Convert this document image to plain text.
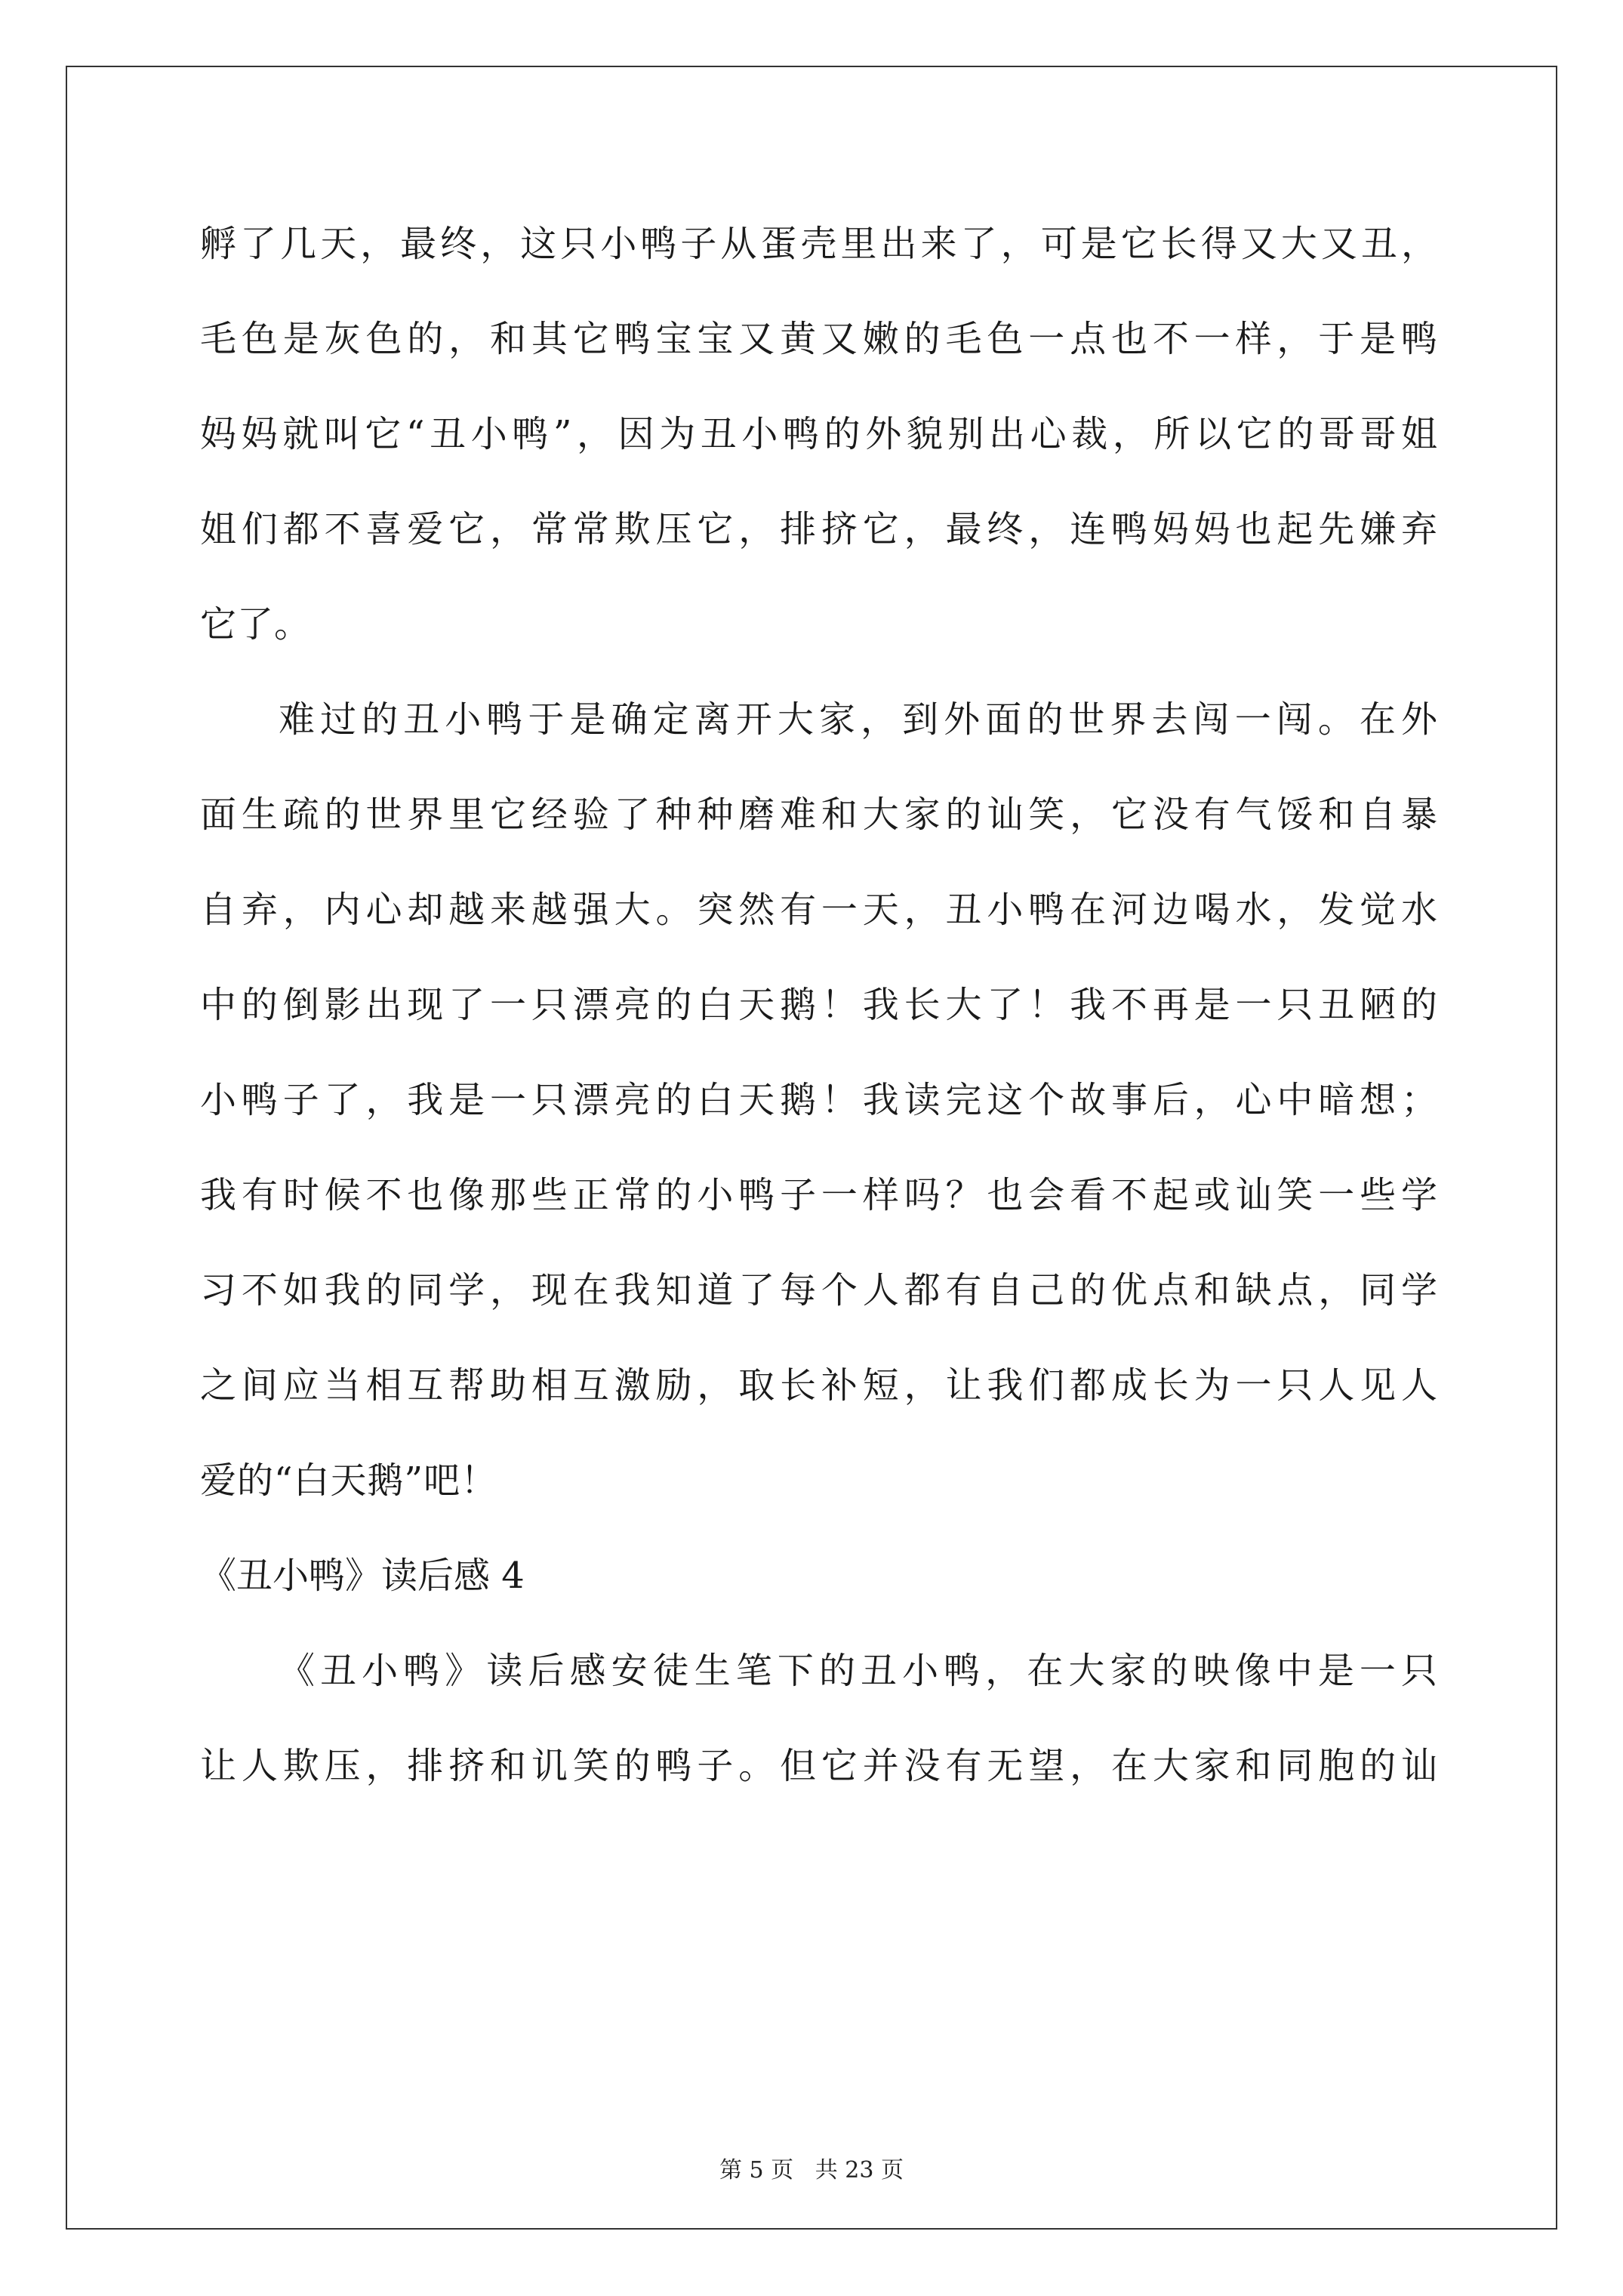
孵了几天，最终，这只小鸭子从蛋壳里出来了，可是它长得又大又丑，
毛色是灰色的，和其它鸭宝宝又黄又嫩的毛色一点也不一样，于是鸭
妈妈就叫它“丑小鸭”，因为丑小鸭的外貌别出心裁，所以它的哥哥姐
姐们都不喜爱它，常常欺压它，排挤它，最终，连鸭妈妈也起先嫌弃
它了。
难过的丑小鸭于是确定离开大家，到外面的世界去闯一闯。在外
面生疏的世界里它经验了种种磨难和大家的讪笑，它没有气馁和自暴
自弃，内心却越来越强大。突然有一天，丑小鸭在河边喝水，发觉水
中的倒影出现了一只漂亮的白天鹅！我长大了！我不再是一只丑陋的
小鸭子了，我是一只漂亮的白天鹅！我读完这个故事后，心中暗想；
我有时候不也像那些正常的小鸭子一样吗？也会看不起或讪笑一些学
习不如我的同学，现在我知道了每个人都有自己的优点和缺点，同学
之间应当相互帮助相互激励，取长补短，让我们都成长为一只人见人
爱的“白天鹅”吧！
《丑小鸭》读后感 4
《丑小鸭》读后感安徒生笔下的丑小鸭，在大家的映像中是一只
让人欺压，排挤和讥笑的鸭子。但它并没有无望，在大家和同胞的讪
第 5 页 共 23 页
